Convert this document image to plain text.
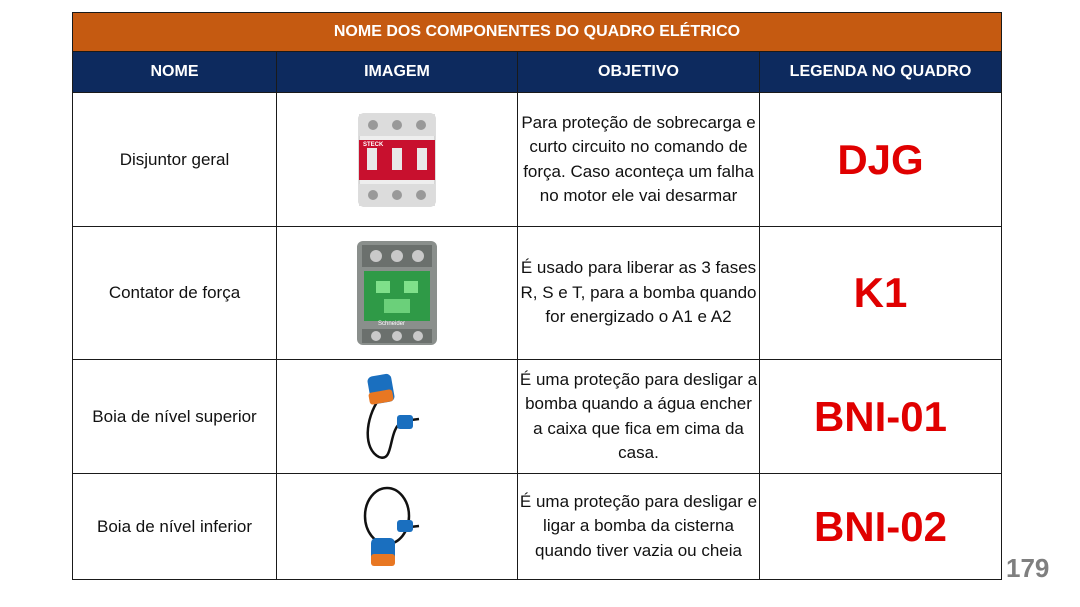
NOME DOS COMPONENTES DO QUADRO ELÉTRICO			
NOME	IMAGEM	OBJETIVO	LEGENDA NO QUADRO
Disjuntor geral	STECK	Para proteção de sobrecarga e curto circuito no comando de força. Caso aconteça um falha no motor ele vai desarmar	DJG
Contator de força	Schneider	É usado para liberar as 3 fases R, S e T, para a bomba quando for energizado o A1 e A2	K1
Boia de nível superior		É uma proteção para desligar a bomba quando a água encher a caixa que fica em cima da casa.	BNI-01
Boia de nível inferior		É uma proteção para desligar e ligar a bomba da cisterna quando tiver vazia ou cheia	BNI-02
179
